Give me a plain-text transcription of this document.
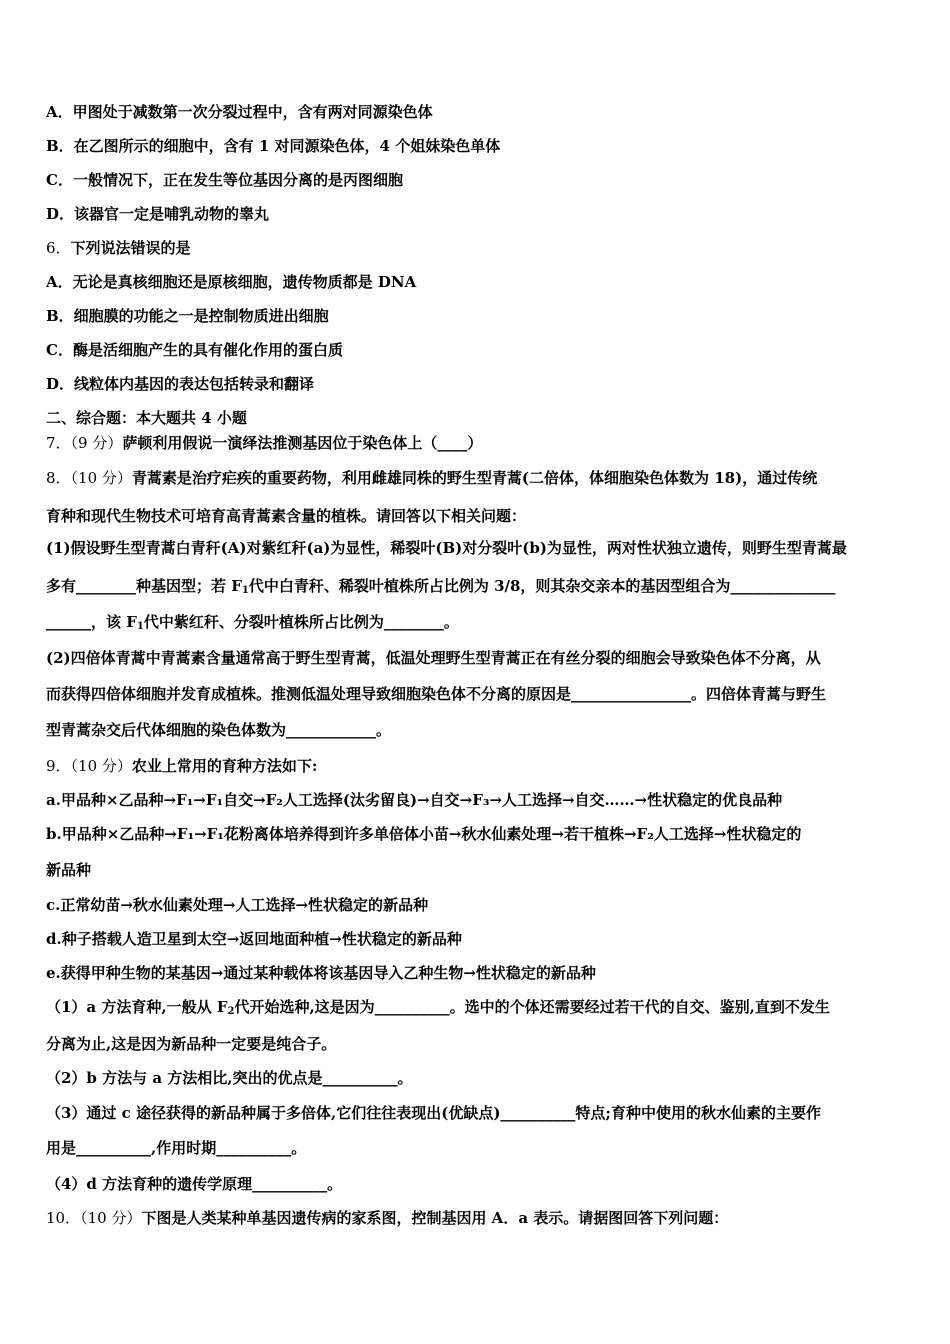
A．甲图处于减数第一次分裂过程中，含有两对同源染色体
B．在乙图所示的细胞中，含有 1 对同源染色体，4 个姐妹染色单体
C．一般情况下，正在发生等位基因分离的是丙图细胞
D．该器官一定是哺乳动物的睾丸
6．下列说法错误的是
A．无论是真核细胞还是原核细胞，遗传物质都是 DNA
B．细胞膜的功能之一是控制物质进出细胞
C．酶是活细胞产生的具有催化作用的蛋白质
D．线粒体内基因的表达包括转录和翻译
二、综合题：本大题共 4 小题
7．（9 分）萨顿利用假说一演绎法推测基因位于染色体上（____）
8．（10 分）青蒿素是治疗疟疾的重要药物，利用雌雄同株的野生型青蒿(二倍体，体细胞染色体数为 18)，通过传统
育种和现代生物技术可培育高青蒿素含量的植株。请回答以下相关问题：
(1)假设野生型青蒿白青秆(A)对紫红秆(a)为显性，稀裂叶(B)对分裂叶(b)为显性，两对性状独立遗传，则野生型青蒿最
多有________种基因型；若 $F_1$代中白青秆、稀裂叶植株所占比例为 3/8，则其杂交亲本的基因型组合为______________
______，该 $F_1$代中紫红秆、分裂叶植株所占比例为________。
(2)四倍体青蒿中青蒿素含量通常高于野生型青蒿，低温处理野生型青蒿正在有丝分裂的细胞会导致染色体不分离，从
而获得四倍体细胞并发育成植株。推测低温处理导致细胞染色体不分离的原因是________________。四倍体青蒿与野生
型青蒿杂交后代体细胞的染色体数为____________。
9．（10 分）农业上常用的育种方法如下:
a.甲品种×乙品种→F₁→F₁自交→F₂人工选择(汰劣留良)→自交→F₃→人工选择→自交……→性状稳定的优良品种
b.甲品种×乙品种→F₁→F₁花粉离体培养得到许多单倍体小苗→秋水仙素处理→若干植株→F₂人工选择→性状稳定的
新品种
c.正常幼苗→秋水仙素处理→人工选择→性状稳定的新品种
d.种子搭载人造卫星到太空→返回地面种植→性状稳定的新品种
e.获得甲种生物的某基因→通过某种载体将该基因导入乙种生物→性状稳定的新品种
（1）a 方法育种,一般从 $F_2$代开始选种,这是因为__________。选中的个体还需要经过若干代的自交、鉴别,直到不发生
分离为止,这是因为新品种一定要是纯合子。
（2）b 方法与 a 方法相比,突出的优点是__________。
（3）通过 c 途径获得的新品种属于多倍体,它们往往表现出(优缺点)__________特点;育种中使用的秋水仙素的主要作
用是__________,作用时期__________。
（4）d 方法育种的遗传学原理__________。
10．（10 分）下图是人类某种单基因遗传病的家系图，控制基因用 A．a 表示。请据图回答下列问题：
